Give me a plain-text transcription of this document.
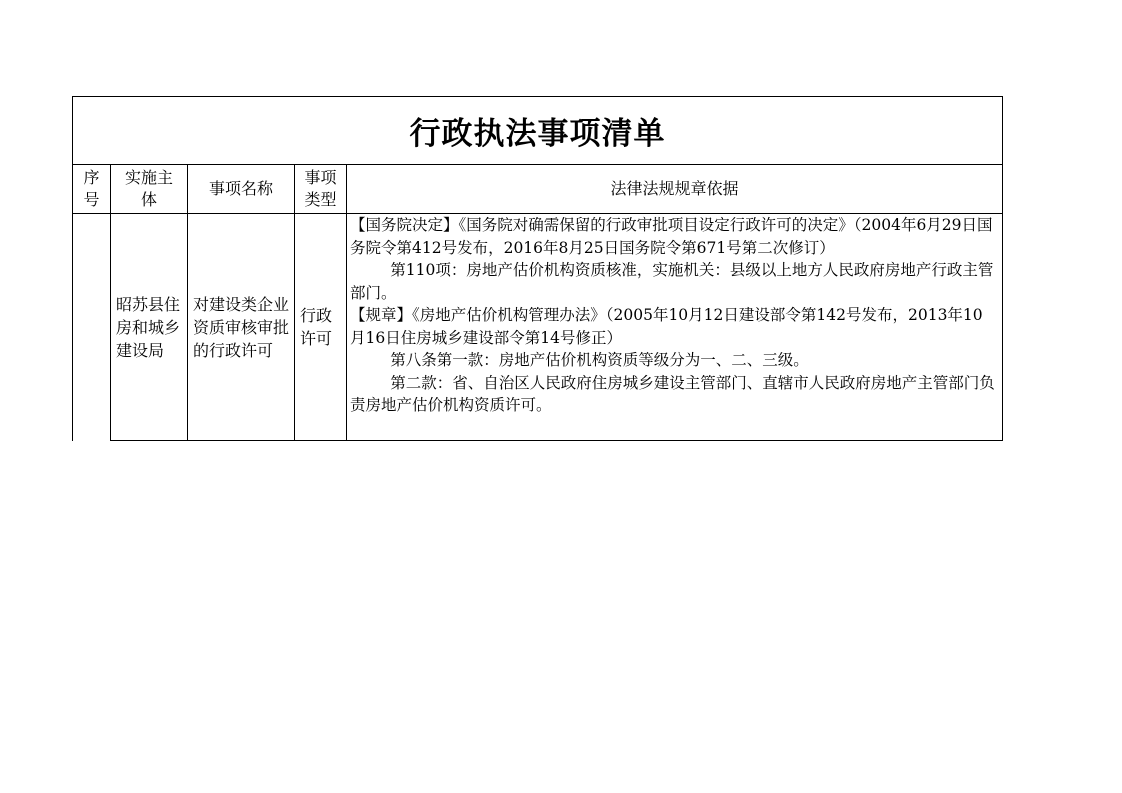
行政执法事项清单				
序号	实施主体	事项名称	事项类型	法律法规规章依据
	昭苏县住房和城乡建设局	对建设类企业资质审核审批的行政许可	行政许可	【国务院决定】《国务院对确需保留的行政审批项目设定行政许可的决定》（2004年6月29日国务院令第412号发布，2016年8月25日国务院令第671号第二次修订）
第110项：房地产估价机构资质核准，实施机关：县级以上地方人民政府房地产行政主管部门。
【规章】《房地产估价机构管理办法》（2005年10月12日建设部令第142号发布，2013年10月16日住房城乡建设部令第14号修正）
第八条第一款：房地产估价机构资质等级分为一、二、三级。
第二款：省、自治区人民政府住房城乡建设主管部门、直辖市人民政府房地产主管部门负责房地产估价机构资质许可。
